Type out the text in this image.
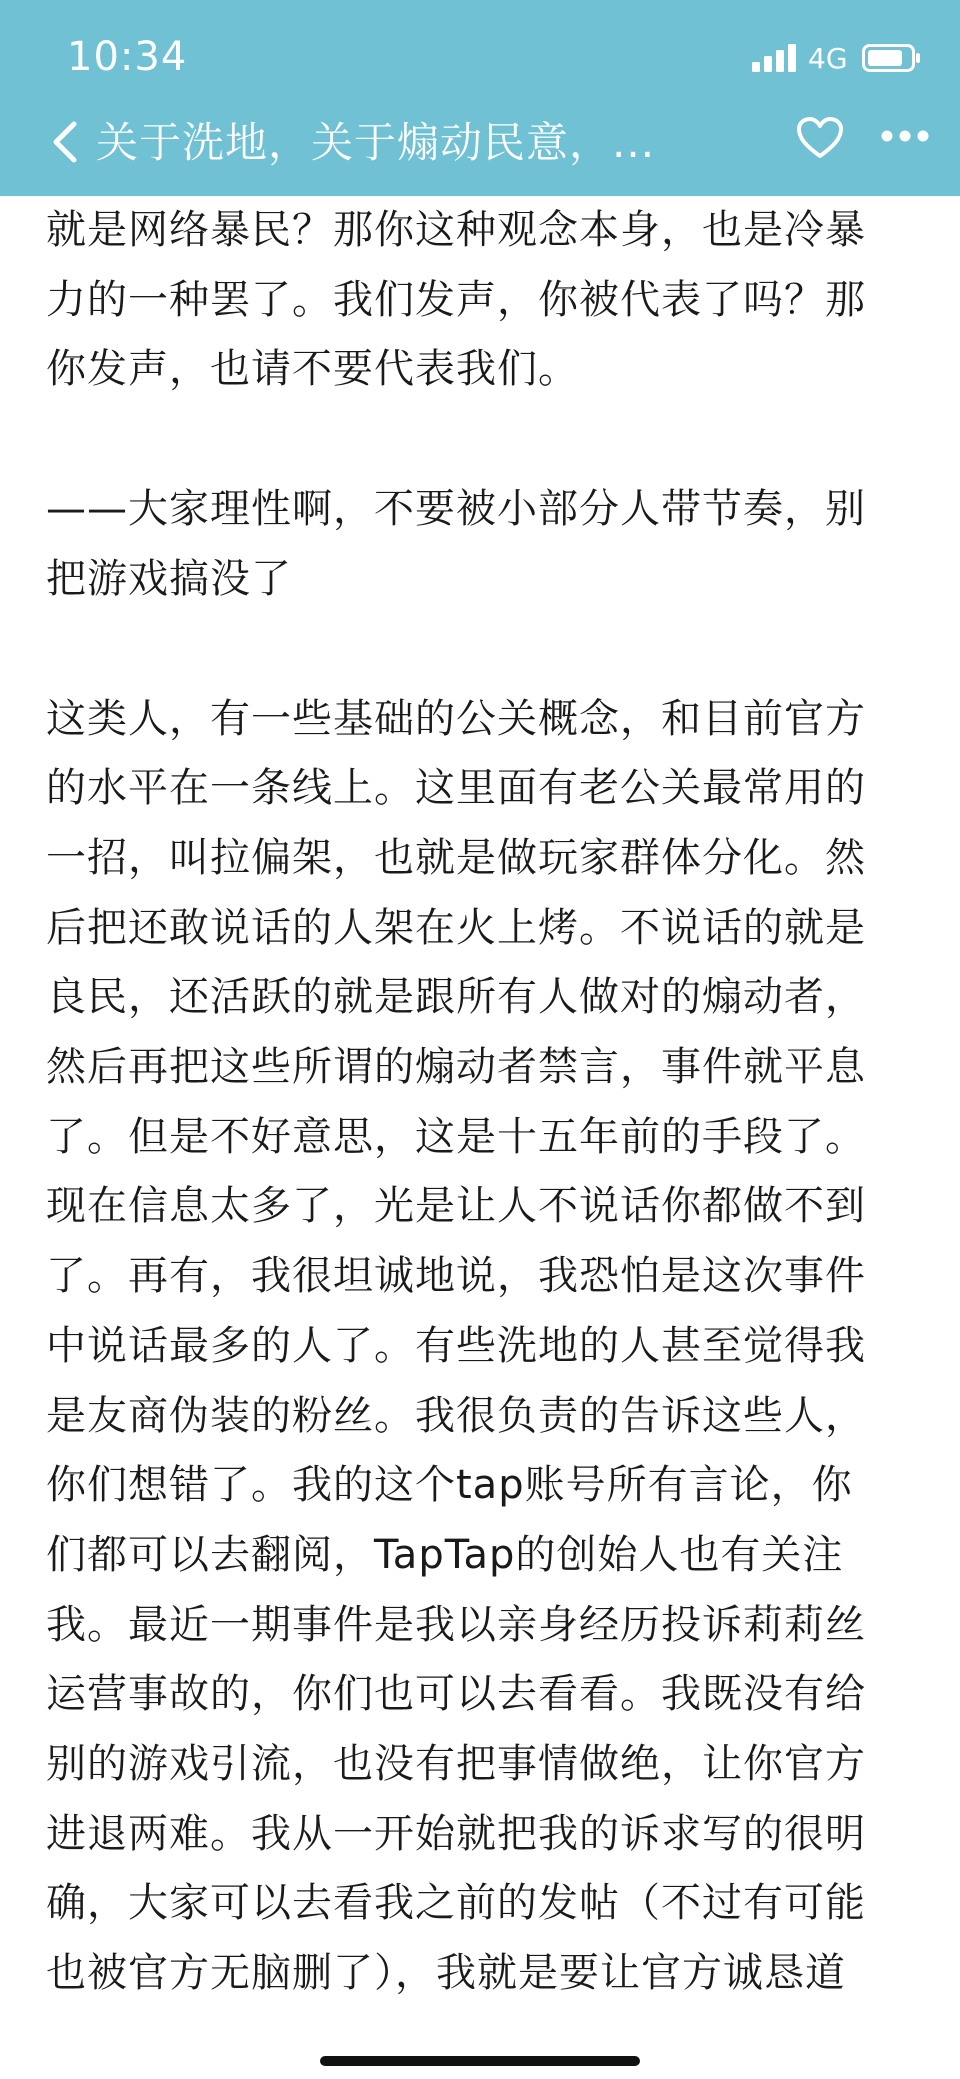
10:34	4G
关于洗地，关于煽动民意，...

就是网络暴民？那你这种观念本身，也是冷暴
力的一种罢了。我们发声，你被代表了吗？那
你发声，也请不要代表我们。

——大家理性啊，不要被小部分人带节奏，别
把游戏搞没了

这类人，有一些基础的公关概念，和目前官方
的水平在一条线上。这里面有老公关最常用的
一招，叫拉偏架，也就是做玩家群体分化。然
后把还敢说话的人架在火上烤。不说话的就是
良民，还活跃的就是跟所有人做对的煽动者，
然后再把这些所谓的煽动者禁言，事件就平息
了。但是不好意思，这是十五年前的手段了。
现在信息太多了，光是让人不说话你都做不到
了。再有，我很坦诚地说，我恐怕是这次事件
中说话最多的人了。有些洗地的人甚至觉得我
是友商伪装的粉丝。我很负责的告诉这些人，
你们想错了。我的这个tap账号所有言论，你
们都可以去翻阅，TapTap的创始人也有关注
我。最近一期事件是我以亲身经历投诉莉莉丝
运营事故的，你们也可以去看看。我既没有给
别的游戏引流，也没有把事情做绝，让你官方
进退两难。我从一开始就把我的诉求写的很明
确，大家可以去看我之前的发帖（不过有可能
也被官方无脑删了），我就是要让官方诚恳道
